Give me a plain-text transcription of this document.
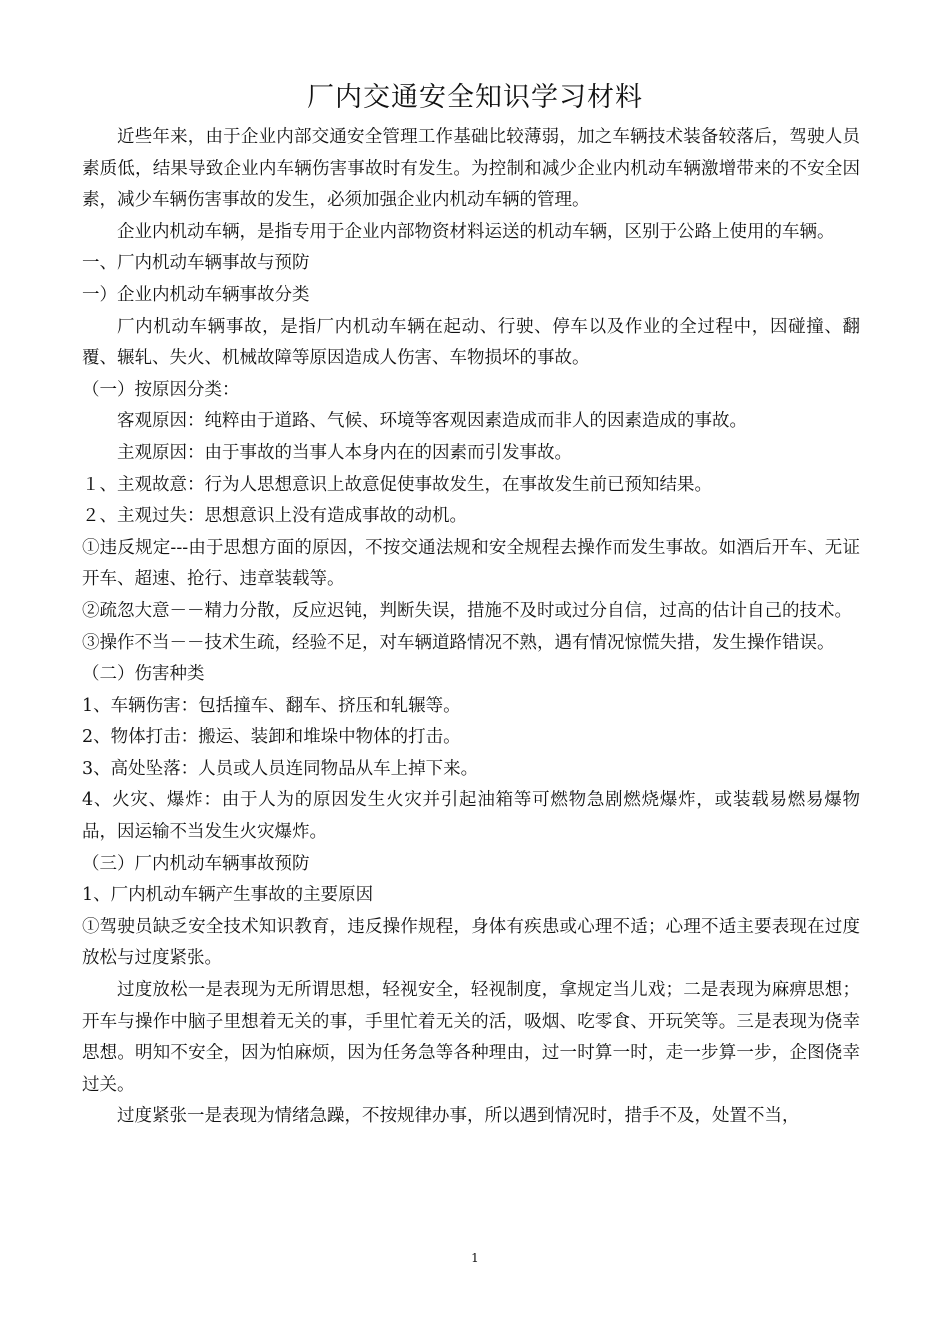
厂内交通安全知识学习材料

近些年来，由于企业内部交通安全管理工作基础比较薄弱，加之车辆技术装备较落后，驾驶人员素质低，结果导致企业内车辆伤害事故时有发生。为控制和减少企业内机动车辆激增带来的不安全因素，减少车辆伤害事故的发生，必须加强企业内机动车辆的管理。

企业内机动车辆，是指专用于企业内部物资材料运送的机动车辆，区别于公路上使用的车辆。

一、厂内机动车辆事故与预防

一）企业内机动车辆事故分类

厂内机动车辆事故，是指厂内机动车辆在起动、行驶、停车以及作业的全过程中，因碰撞、翻覆、辗轧、失火、机械故障等原因造成人伤害、车物损坏的事故。

（一）按原因分类：

客观原因：纯粹由于道路、气候、环境等客观因素造成而非人的因素造成的事故。

主观原因：由于事故的当事人本身内在的因素而引发事故。

１、主观故意：行为人思想意识上故意促使事故发生，在事故发生前已预知结果。

２、主观过失：思想意识上没有造成事故的动机。

①违反规定---由于思想方面的原因，不按交通法规和安全规程去操作而发生事故。如酒后开车、无证开车、超速、抢行、违章装载等。

②疏忽大意－－精力分散，反应迟钝，判断失误，措施不及时或过分自信，过高的估计自己的技术。

③操作不当－－技术生疏，经验不足，对车辆道路情况不熟，遇有情况惊慌失措，发生操作错误。

（二）伤害种类

1、车辆伤害：包括撞车、翻车、挤压和轧辗等。

2、物体打击：搬运、装卸和堆垛中物体的打击。

3、高处坠落：人员或人员连同物品从车上掉下来。

4、火灾、爆炸：由于人为的原因发生火灾并引起油箱等可燃物急剧燃烧爆炸，或装载易燃易爆物品，因运输不当发生火灾爆炸。

（三）厂内机动车辆事故预防

1、厂内机动车辆产生事故的主要原因

①驾驶员缺乏安全技术知识教育，违反操作规程，身体有疾患或心理不适；心理不适主要表现在过度放松与过度紧张。

过度放松一是表现为无所谓思想，轻视安全，轻视制度，拿规定当儿戏；二是表现为麻痹思想；开车与操作中脑子里想着无关的事，手里忙着无关的活，吸烟、吃零食、开玩笑等。三是表现为侥幸思想。明知不安全，因为怕麻烦，因为任务急等各种理由，过一时算一时，走一步算一步，企图侥幸过关。

过度紧张一是表现为情绪急躁，不按规律办事，所以遇到情况时，措手不及，处置不当，

1
